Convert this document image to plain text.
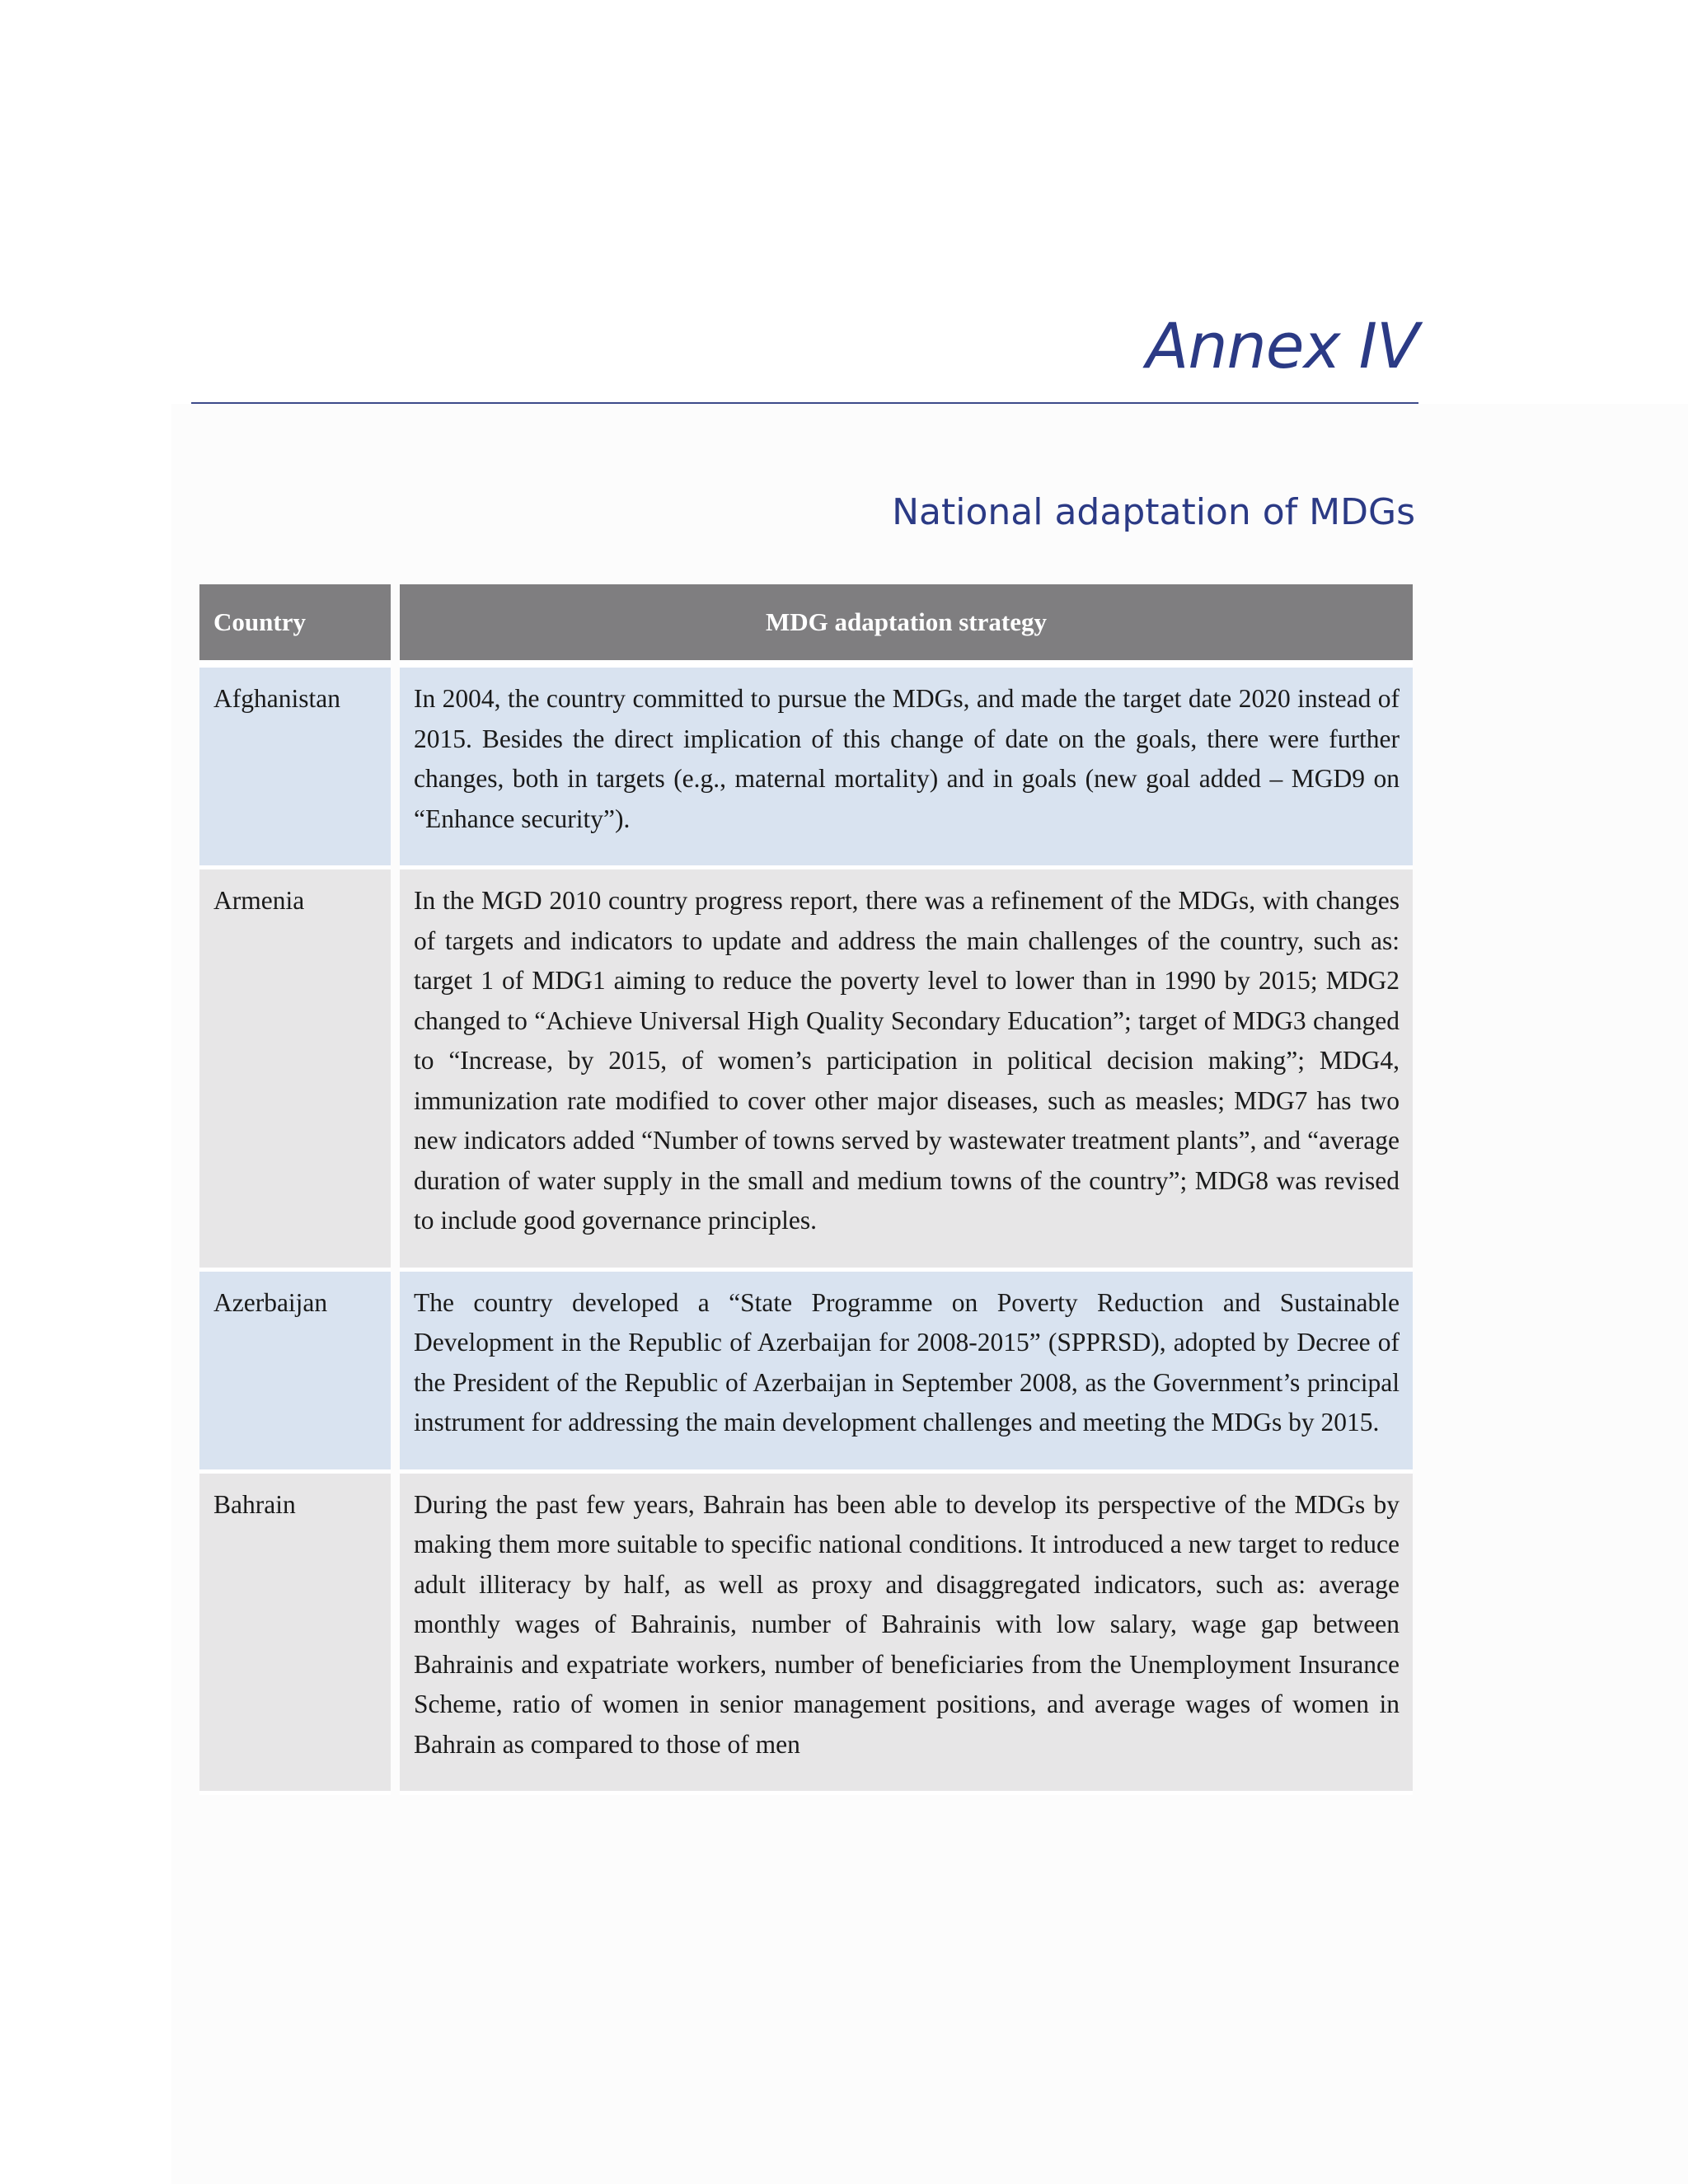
Annex IV
National adaptation of MDGs
Country	MDG adaptation strategy
Afghanistan	In 2004, the country committed to pursue the MDGs, and made the target date 2020 instead of 2015. Besides the direct implication of this change of date on the goals, there were further changes, both in targets (e.g., maternal mortality) and in goals (new goal added – MGD9 on “Enhance security”).
Armenia	In the MGD 2010 country progress report, there was a refinement of the MDGs, with changes of targets and indicators to update and address the main challenges of the country, such as: target 1 of MDG1 aiming to reduce the poverty level to lower than in 1990 by 2015; MDG2 changed to “Achieve Universal High Quality Secondary Education”; target of MDG3 changed to “Increase, by 2015, of women’s participation in political decision making”; MDG4, immunization rate modified to cover other major diseases, such as measles; MDG7 has two new indicators added “Number of towns served by wastewater treatment plants”, and “average duration of water supply in the small and medium towns of the country”; MDG8 was revised to include good governance principles.
Azerbaijan	The country developed a “State Programme on Poverty Reduction and Sustainable Development in the Republic of Azerbaijan for 2008-2015” (SPPRSD), adopted by Decree of the President of the Republic of Azerbaijan in September 2008, as the Government’s principal instrument for addressing the main development challenges and meeting the MDGs by 2015.
Bahrain	During the past few years, Bahrain has been able to develop its perspective of the MDGs by making them more suitable to specific national conditions. It introduced a new target to reduce adult illiteracy by half, as well as proxy and disaggregated indicators, such as: average monthly wages of Bahrainis, number of Bahrainis with low salary, wage gap between Bahrainis and expatriate workers, number of beneficiaries from the Unemployment Insurance Scheme, ratio of women in senior management positions, and average wages of women in Bahrain as compared to those of men
